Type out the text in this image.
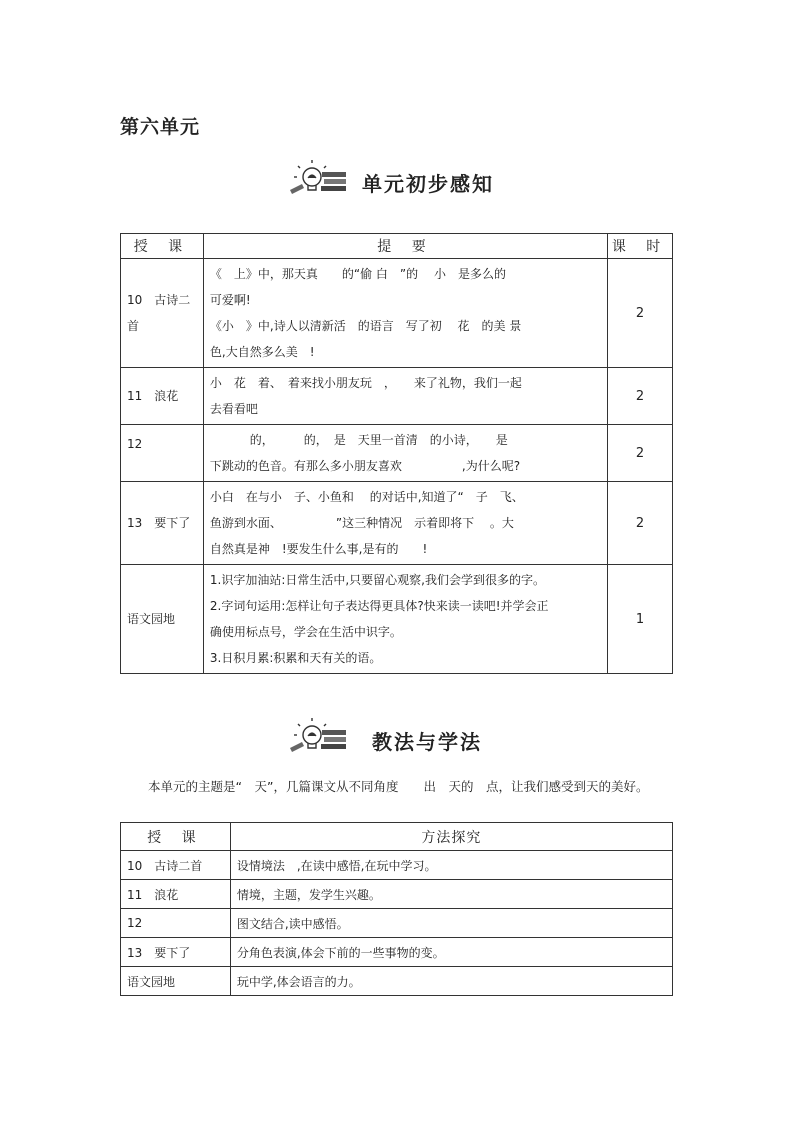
第六单元
单元初步感知
授 课	提 要	课 时
10　古诗二首	《　上》中，那天真　　的“偷 白　”的　 小　是多么的
可爱啊!
《小　》中,诗人以清新活　的语言　写了初　 花　的美 景
色,大自然多么美　!	2
11　浪花	小　花　着、　着来找小朋友玩　，　　来了礼物，我们一起
去看看吧	2
12	　　　 的，　　　的，　是　天里一首清　的小诗，　　是
下跳动的色音。有那么多小朋友喜欢　　　　　,为什么呢?	2
13　要下了	小白　在与小　子、小鱼和　 的对话中,知道了“　子　飞、
鱼游到水面、　　　　　”这三种情况　示着即将下　 。大
自然真是神　!要发生什么事,是有的　　!	2
语文园地	1.识字加油站:日常生活中,只要留心观察,我们会学到很多的字。
2.字词句运用:怎样让句子表达得更具体?快来读一读吧!并学会正
确使用标点号，学会在生活中识字。
3.日积月累:积累和天有关的语。	1
教法与学法
本单元的主题是“　天”，几篇课文从不同角度　　出　天的　点，让我们感受到天的美好。
授 课	方法探究
10　古诗二首	设情境法　,在读中感悟,在玩中学习。
11　浪花	情境，主题，发学生兴趣。
12	图文结合,读中感悟。
13　要下了	分角色表演,体会下前的一些事物的变。
语文园地	玩中学,体会语言的力。
